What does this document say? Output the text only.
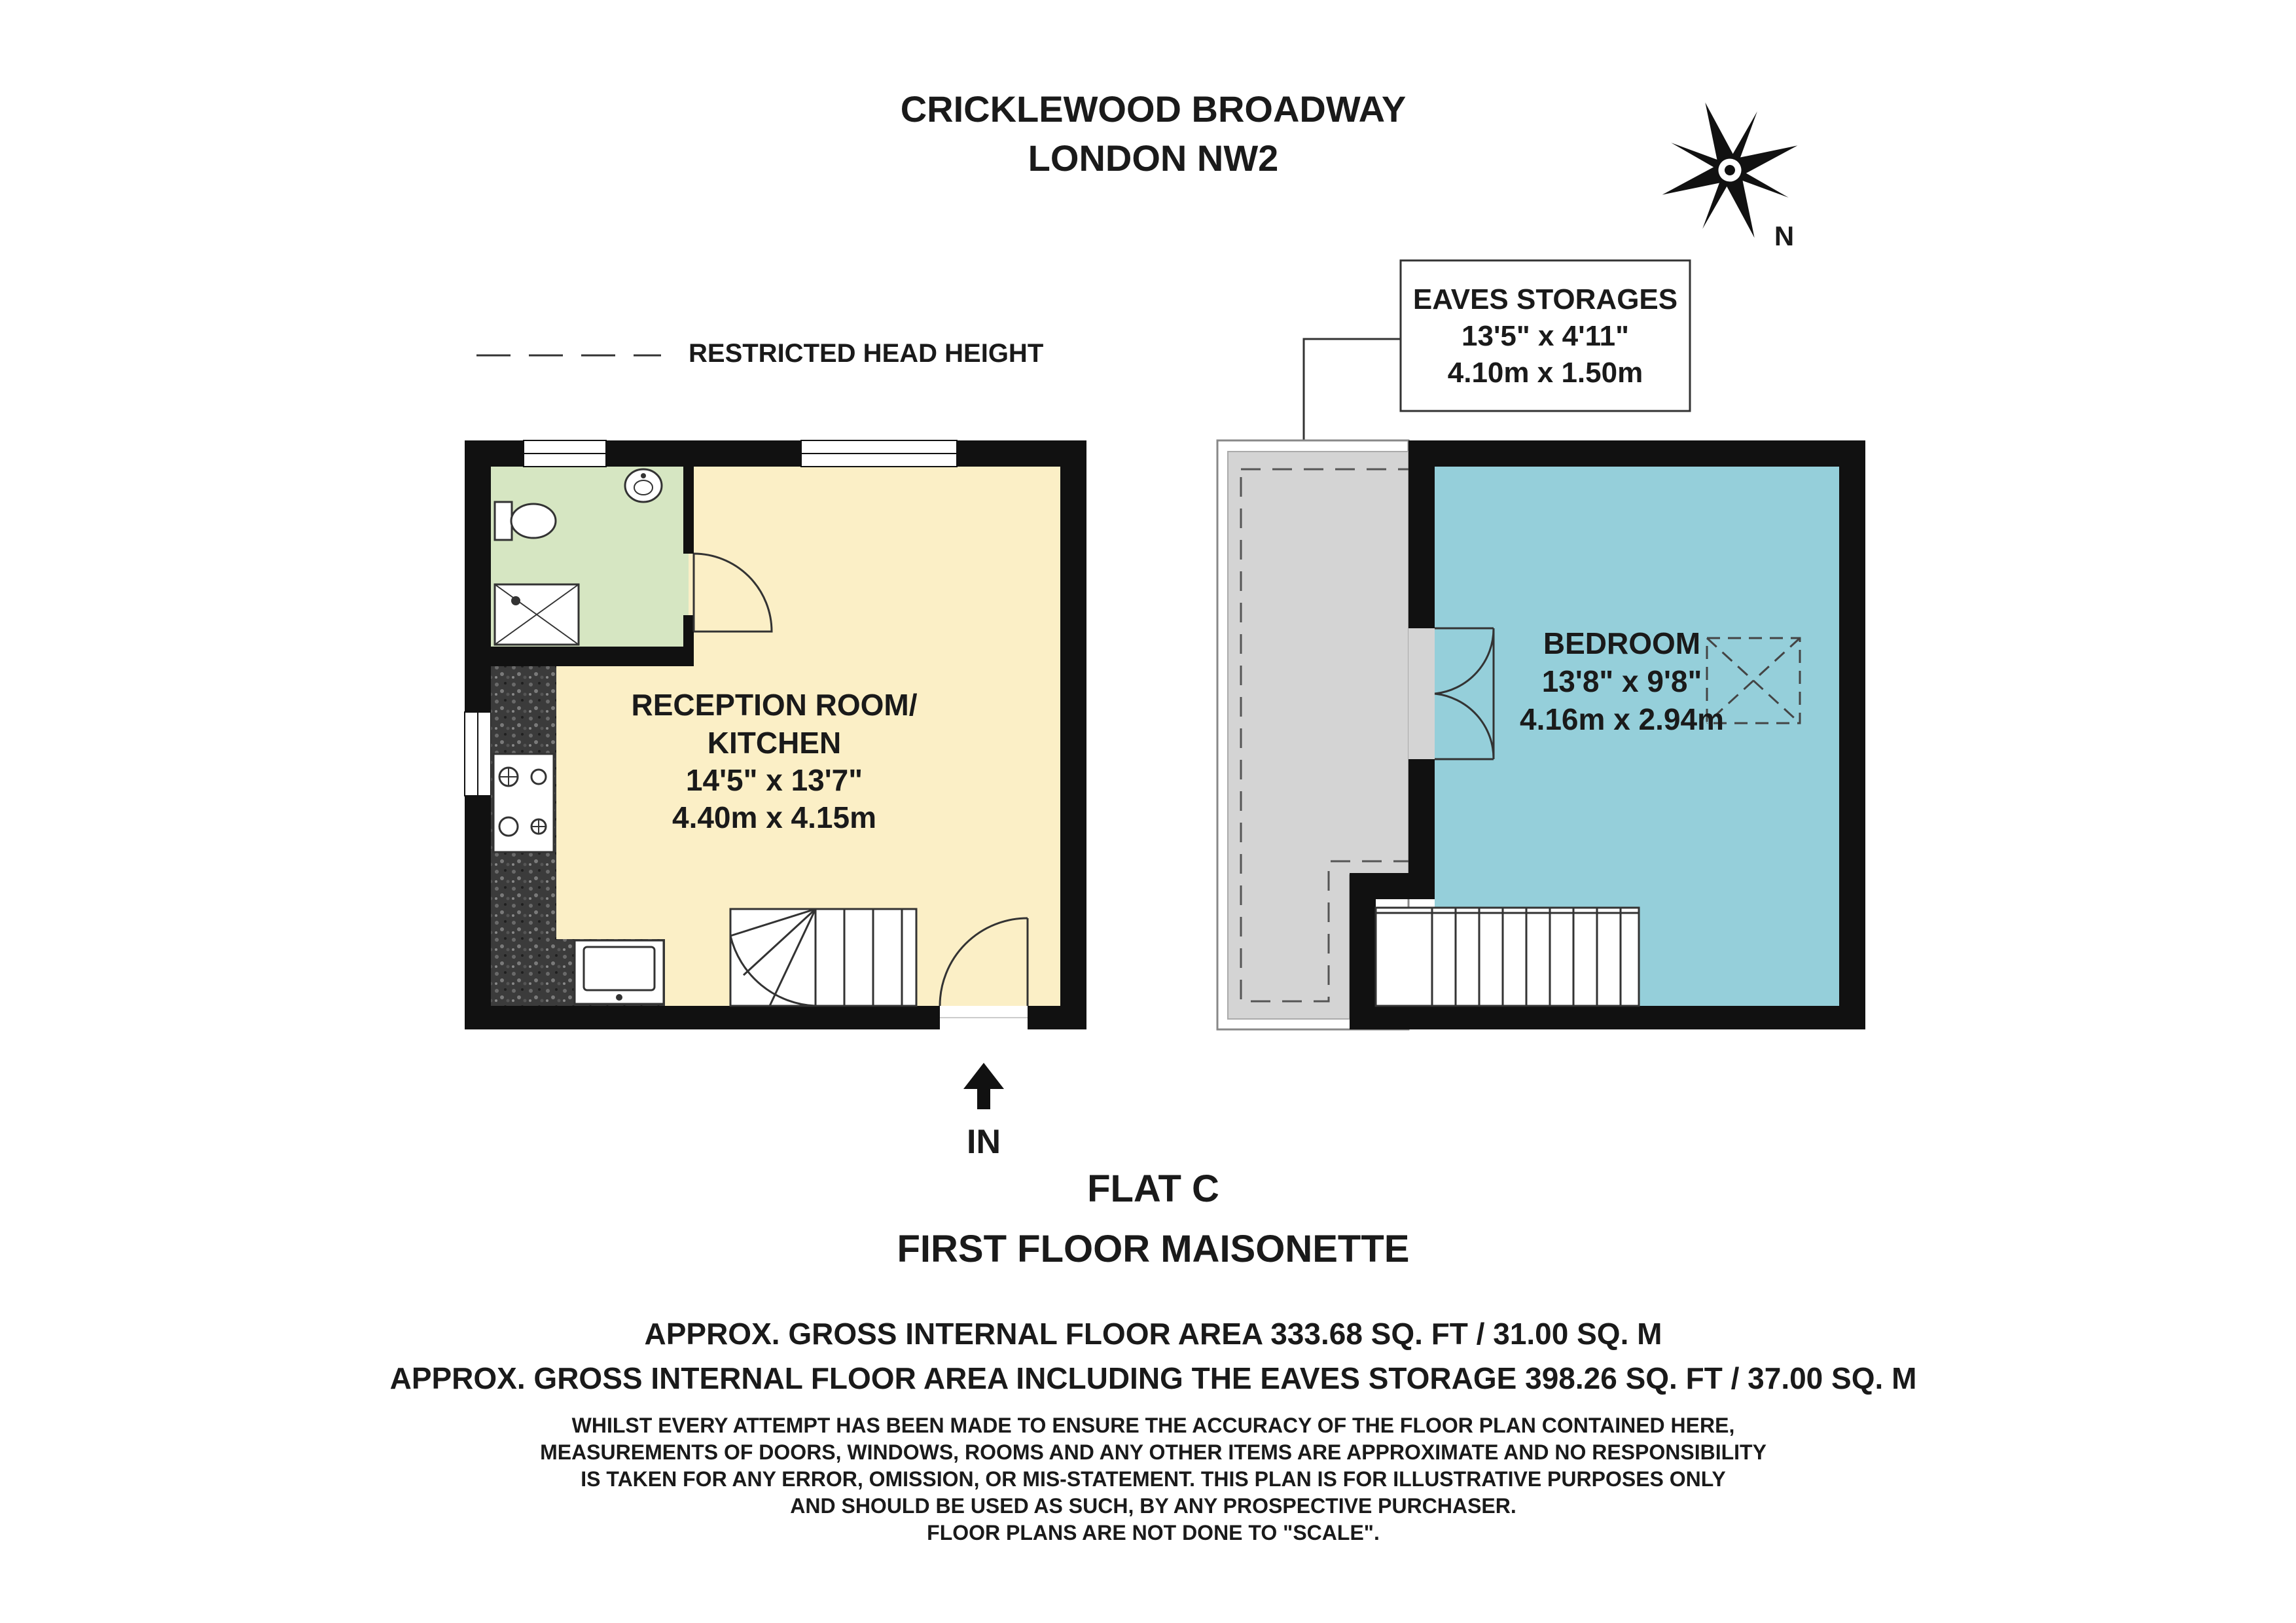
CRICKLEWOOD BROADWAY
LONDON NW2
N
RESTRICTED HEAD HEIGHT
EAVES STORAGES
13'5" x 4'11"
4.10m x 1.50m
RECEPTION ROOM/
KITCHEN
14'5" x 13'7"
4.40m x 4.15m
IN
BEDROOM
13'8" x 9'8"
4.16m x 2.94m
FLAT C
FIRST FLOOR MAISONETTE
APPROX. GROSS INTERNAL FLOOR AREA 333.68 SQ. FT / 31.00 SQ. M
APPROX. GROSS INTERNAL FLOOR AREA INCLUDING THE EAVES STORAGE 398.26 SQ. FT / 37.00 SQ. M
WHILST EVERY ATTEMPT HAS BEEN MADE TO ENSURE THE ACCURACY OF THE FLOOR PLAN CONTAINED HERE,
MEASUREMENTS OF DOORS, WINDOWS, ROOMS AND ANY OTHER ITEMS ARE APPROXIMATE AND NO RESPONSIBILITY
IS TAKEN FOR ANY ERROR, OMISSION, OR MIS-STATEMENT. THIS PLAN IS FOR ILLUSTRATIVE PURPOSES ONLY
AND SHOULD BE USED AS SUCH, BY ANY PROSPECTIVE PURCHASER.
FLOOR PLANS ARE NOT DONE TO "SCALE".
